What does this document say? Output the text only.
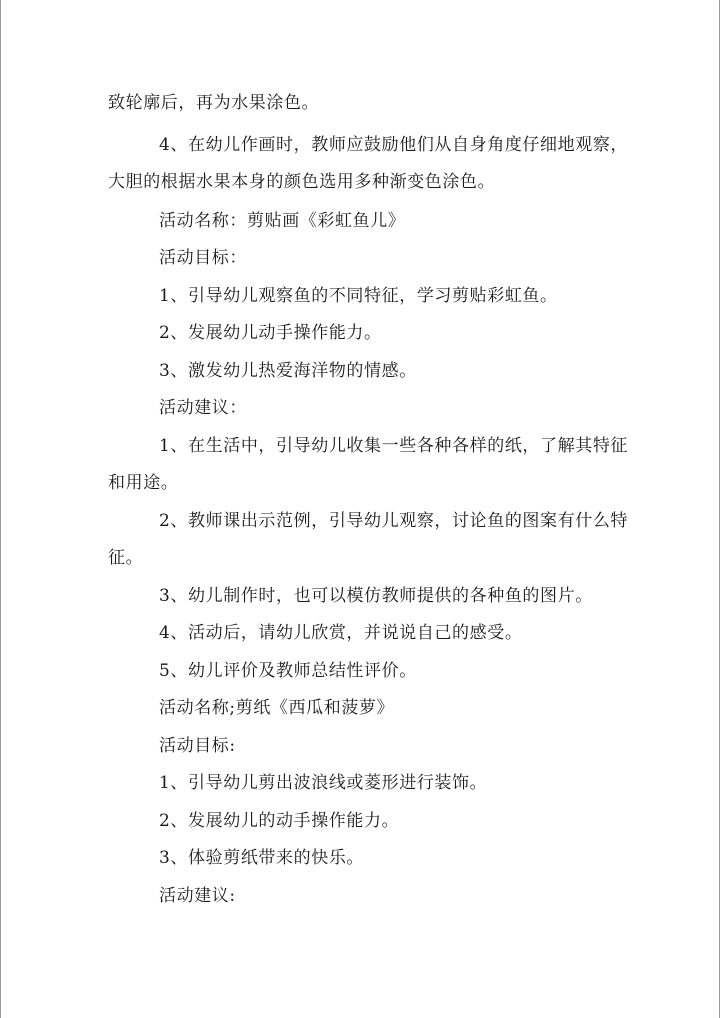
致轮廓后，再为水果涂色。
4、在幼儿作画时，教师应鼓励他们从自身角度仔细地观察，
大胆的根据水果本身的颜色选用多种渐变色涂色。
活动名称：剪贴画《彩虹鱼儿》
活动目标：
1、引导幼儿观察鱼的不同特征，学习剪贴彩虹鱼。
2、发展幼儿动手操作能力。
3、激发幼儿热爱海洋物的情感。
活动建议：
1、在生活中，引导幼儿收集一些各种各样的纸，了解其特征
和用途。
2、教师课出示范例，引导幼儿观察，讨论鱼的图案有什么特
征。
3、幼儿制作时，也可以模仿教师提供的各种鱼的图片。
4、活动后，请幼儿欣赏，并说说自己的感受。
5、幼儿评价及教师总结性评价。
活动名称;剪纸《西瓜和菠萝》
活动目标:
1、引导幼儿剪出波浪线或菱形进行装饰。
2、发展幼儿的动手操作能力。
3、体验剪纸带来的快乐。
活动建议:
